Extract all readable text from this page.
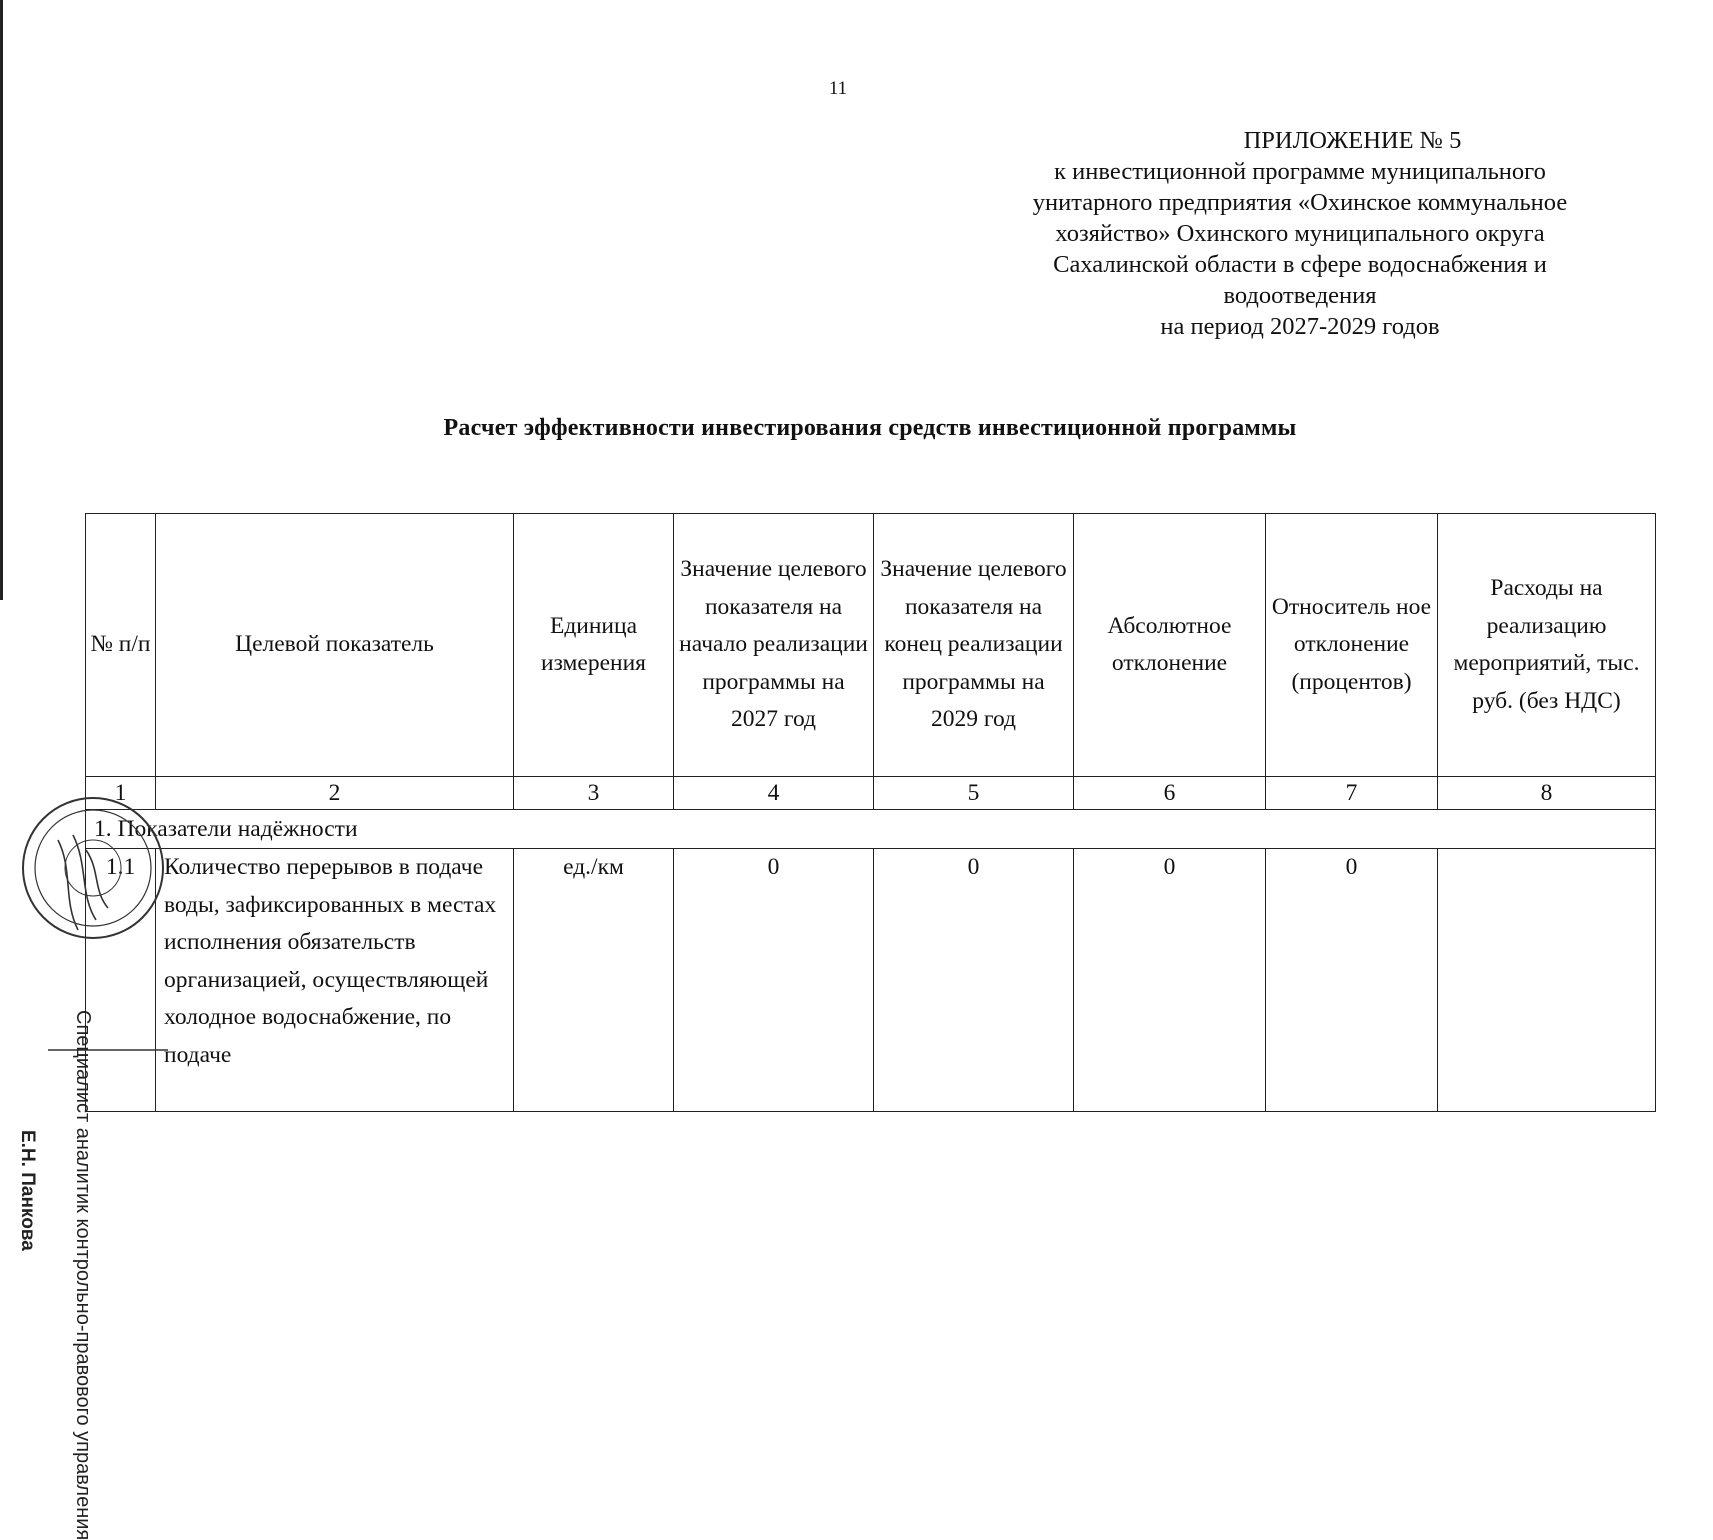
11
ПРИЛОЖЕНИЕ № 5
к инвестиционной программе муниципального
унитарного предприятия «Охинское коммунальное
хозяйство» Охинского муниципального округа
Сахалинской области в сфере водоснабжения и
водоотведения
на период 2027-2029 годов
Расчет эффективности инвестирования средств инвестиционной программы
№ п/п	Целевой показатель	Единица измерения	Значение целевого показателя на начало реализации программы на 2027 год	Значение целевого показателя на конец реализации программы на 2029 год	Абсолютное отклонение	Относитель ное отклонение (процентов)	Расходы на реализацию мероприятий, тыс. руб. (без НДС)
1	2	3	4	5	6	7	8
1. Показатели надёжности							
1.1	Количество перерывов в подаче воды, зафиксированных в местах исполнения обязательств организацией, осуществляющей холодное водоснабжение, по подаче	ед./км	0	0	0	0	
Специалист аналитик контрольно-правового управления
Е.Н. Панкова
